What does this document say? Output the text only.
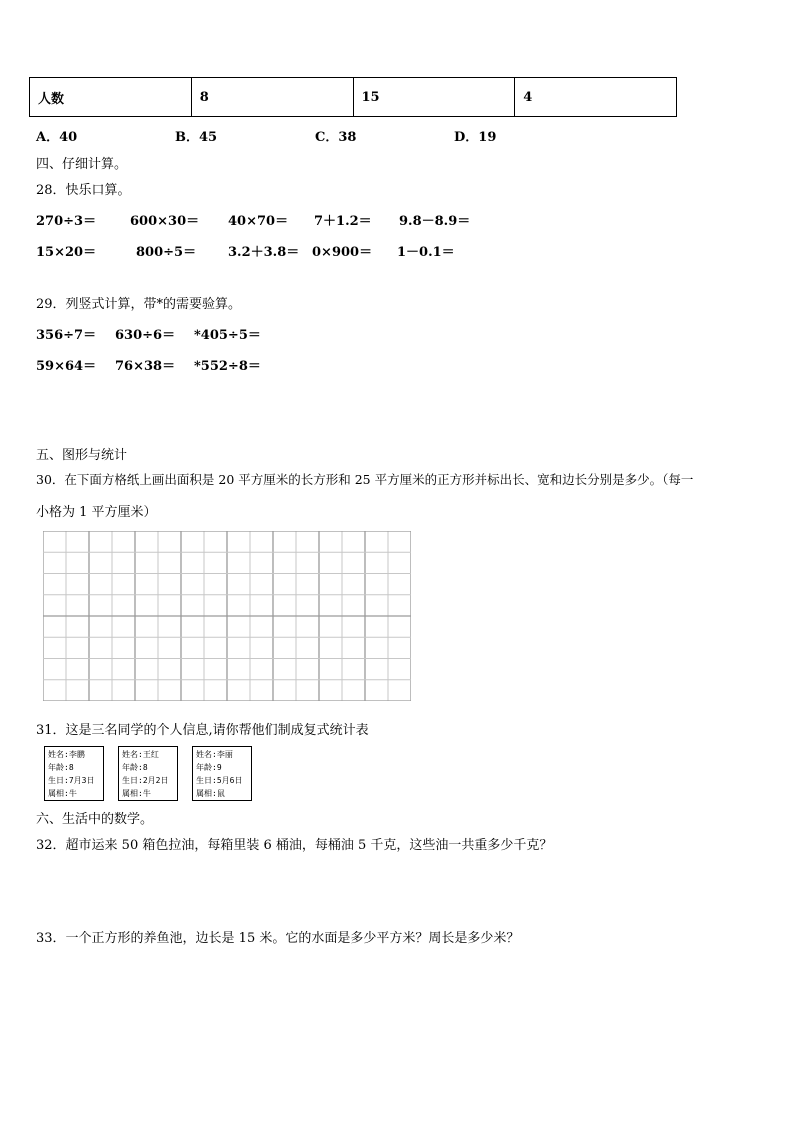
人数	8	15	4
A．40	B．45	C．38	D．19
四、仔细计算。
28．快乐口算。
270÷3＝	600×30＝ 40×70＝ 7＋1.2＝ 9.8－8.9＝
15×20＝	800÷5＝ 3.2＋3.8＝ 0×900＝ 1－0.1＝
29．列竖式计算，带*的需要验算。
356÷7＝ 630÷6＝ *405÷5＝
59×64＝ 76×38＝ *552÷8＝
五、图形与统计
30．在下面方格纸上画出面积是 20 平方厘米的长方形和 25 平方厘米的正方形并标出长、宽和边长分别是多少。（每一
小格为 1 平方厘米）
31．这是三名同学的个人信息,请你帮他们制成复式统计表
姓名:李鹏
年龄:8
生日:7月3日
属相:牛
姓名:王红
年龄:8
生日:2月2日
属相:牛
姓名:李丽
年龄:9
生日:5月6日
属相:鼠
六、生活中的数学。
32．超市运来 50 箱色拉油，每箱里装 6 桶油，每桶油 5 千克，这些油一共重多少千克？
33．一个正方形的养鱼池，边长是 15 米。它的水面是多少平方米？周长是多少米？
